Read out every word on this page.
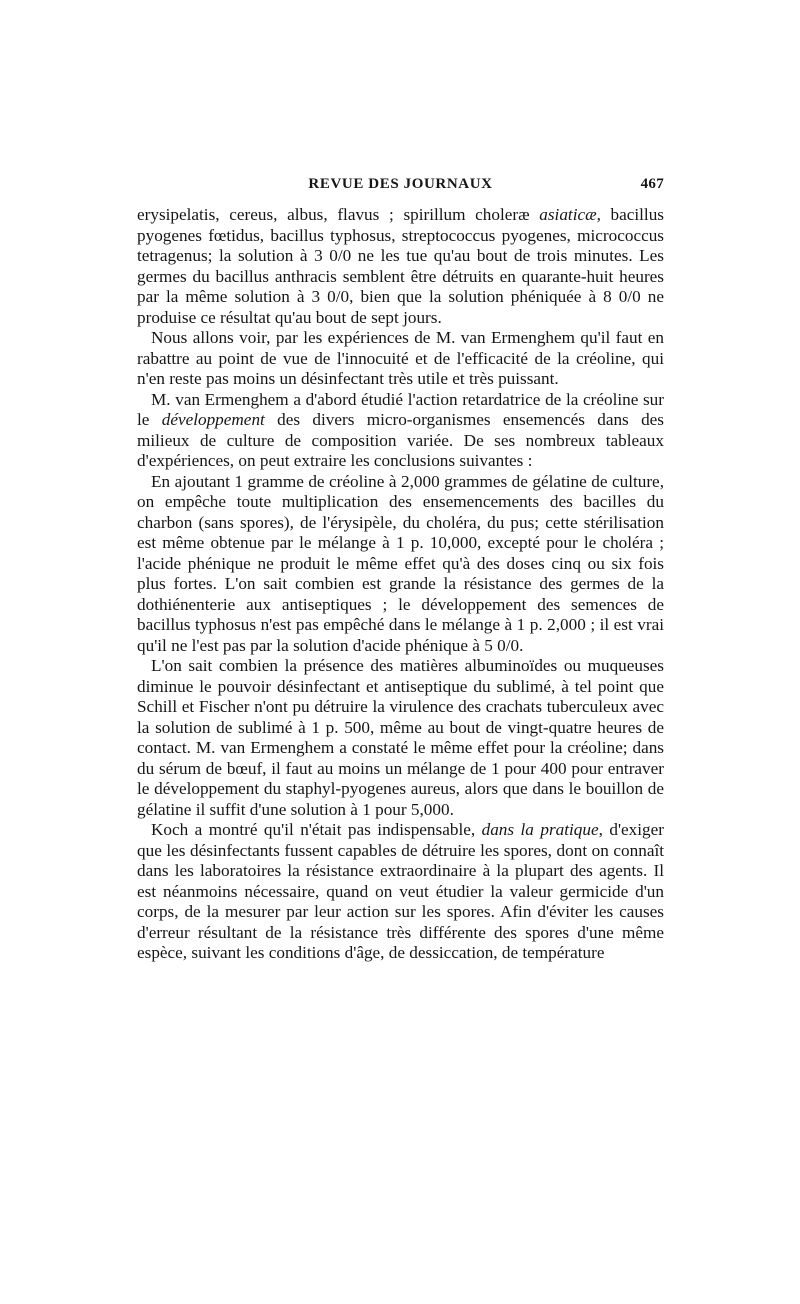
REVUE DES JOURNAUX	467

erysipelatis, cereus, albus, flavus ; spirillum choleræ asiaticæ, bacillus pyogenes fœtidus, bacillus typhosus, streptococcus pyogenes, micrococcus tetragenus; la solution à 3 0/0 ne les tue qu'au bout de trois minutes. Les germes du bacillus anthracis semblent être détruits en quarante-huit heures par la même solution à 3 0/0, bien que la solution phéniquée à 8 0/0 ne produise ce résultat qu'au bout de sept jours.

Nous allons voir, par les expériences de M. van Ermenghem qu'il faut en rabattre au point de vue de l'innocuité et de l'efficacité de la créoline, qui n'en reste pas moins un désinfectant très utile et très puissant.

M. van Ermenghem a d'abord étudié l'action retardatrice de la créoline sur le développement des divers micro-organismes ensemencés dans des milieux de culture de composition variée. De ses nombreux tableaux d'expériences, on peut extraire les conclusions suivantes :

En ajoutant 1 gramme de créoline à 2,000 grammes de gélatine de culture, on empêche toute multiplication des ensemencements des bacilles du charbon (sans spores), de l'érysipèle, du choléra, du pus; cette stérilisation est même obtenue par le mélange à 1 p. 10,000, excepté pour le choléra ; l'acide phénique ne produit le même effet qu'à des doses cinq ou six fois plus fortes. L'on sait combien est grande la résistance des germes de la dothiénenterie aux antiseptiques ; le développement des semences de bacillus typhosus n'est pas empêché dans le mélange à 1 p. 2,000 ; il est vrai qu'il ne l'est pas par la solution d'acide phénique à 5 0/0.

L'on sait combien la présence des matières albuminoïdes ou muqueuses diminue le pouvoir désinfectant et antiseptique du sublimé, à tel point que Schill et Fischer n'ont pu détruire la virulence des crachats tuberculeux avec la solution de sublimé à 1 p. 500, même au bout de vingt-quatre heures de contact. M. van Ermenghem a constaté le même effet pour la créoline; dans du sérum de bœuf, il faut au moins un mélange de 1 pour 400 pour entraver le développement du staphyl-pyogenes aureus, alors que dans le bouillon de gélatine il suffit d'une solution à 1 pour 5,000.

Koch a montré qu'il n'était pas indispensable, dans la pratique, d'exiger que les désinfectants fussent capables de détruire les spores, dont on connaît dans les laboratoires la résistance extraordinaire à la plupart des agents. Il est néanmoins nécessaire, quand on veut étudier la valeur germicide d'un corps, de la mesurer par leur action sur les spores. Afin d'éviter les causes d'erreur résultant de la résistance très différente des spores d'une même espèce, suivant les conditions d'âge, de dessiccation, de température
